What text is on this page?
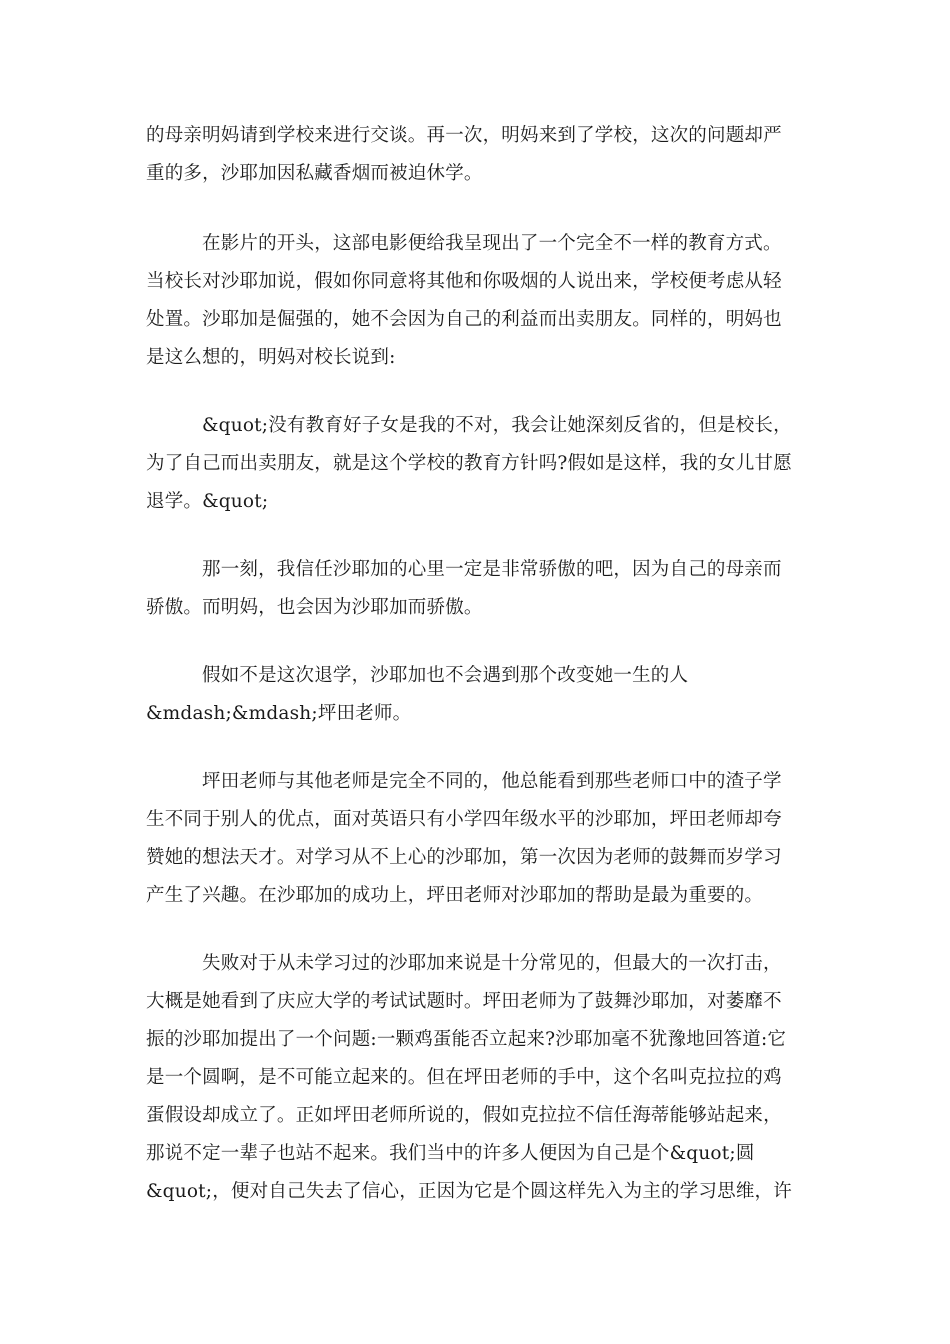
的母亲明妈请到学校来进行交谈。再一次，明妈来到了学校，这次的问题却严
重的多，沙耶加因私藏香烟而被迫休学。
在影片的开头，这部电影便给我呈现出了一个完全不一样的教育方式。
当校长对沙耶加说，假如你同意将其他和你吸烟的人说出来，学校便考虑从轻
处置。沙耶加是倔强的，她不会因为自己的利益而出卖朋友。同样的，明妈也
是这么想的，明妈对校长说到:
&quot;没有教育好子女是我的不对，我会让她深刻反省的，但是校长，
为了自己而出卖朋友，就是这个学校的教育方针吗?假如是这样，我的女儿甘愿
退学。&quot;
那一刻，我信任沙耶加的心里一定是非常骄傲的吧，因为自己的母亲而
骄傲。而明妈，也会因为沙耶加而骄傲。
假如不是这次退学，沙耶加也不会遇到那个改变她一生的人
&mdash;&mdash;坪田老师。
坪田老师与其他老师是完全不同的，他总能看到那些老师口中的渣子学
生不同于别人的优点，面对英语只有小学四年级水平的沙耶加，坪田老师却夸
赞她的想法天才。对学习从不上心的沙耶加，第一次因为老师的鼓舞而岁学习
产生了兴趣。在沙耶加的成功上，坪田老师对沙耶加的帮助是最为重要的。
失败对于从未学习过的沙耶加来说是十分常见的，但最大的一次打击，
大概是她看到了庆应大学的考试试题时。坪田老师为了鼓舞沙耶加，对萎靡不
振的沙耶加提出了一个问题:一颗鸡蛋能否立起来?沙耶加毫不犹豫地回答道:它
是一个圆啊，是不可能立起来的。但在坪田老师的手中，这个名叫克拉拉的鸡
蛋假设却成立了。正如坪田老师所说的，假如克拉拉不信任海蒂能够站起来，
那说不定一辈子也站不起来。我们当中的许多人便因为自己是个&quot;圆
&quot;，便对自己失去了信心，正因为它是个圆这样先入为主的学习思维，许
